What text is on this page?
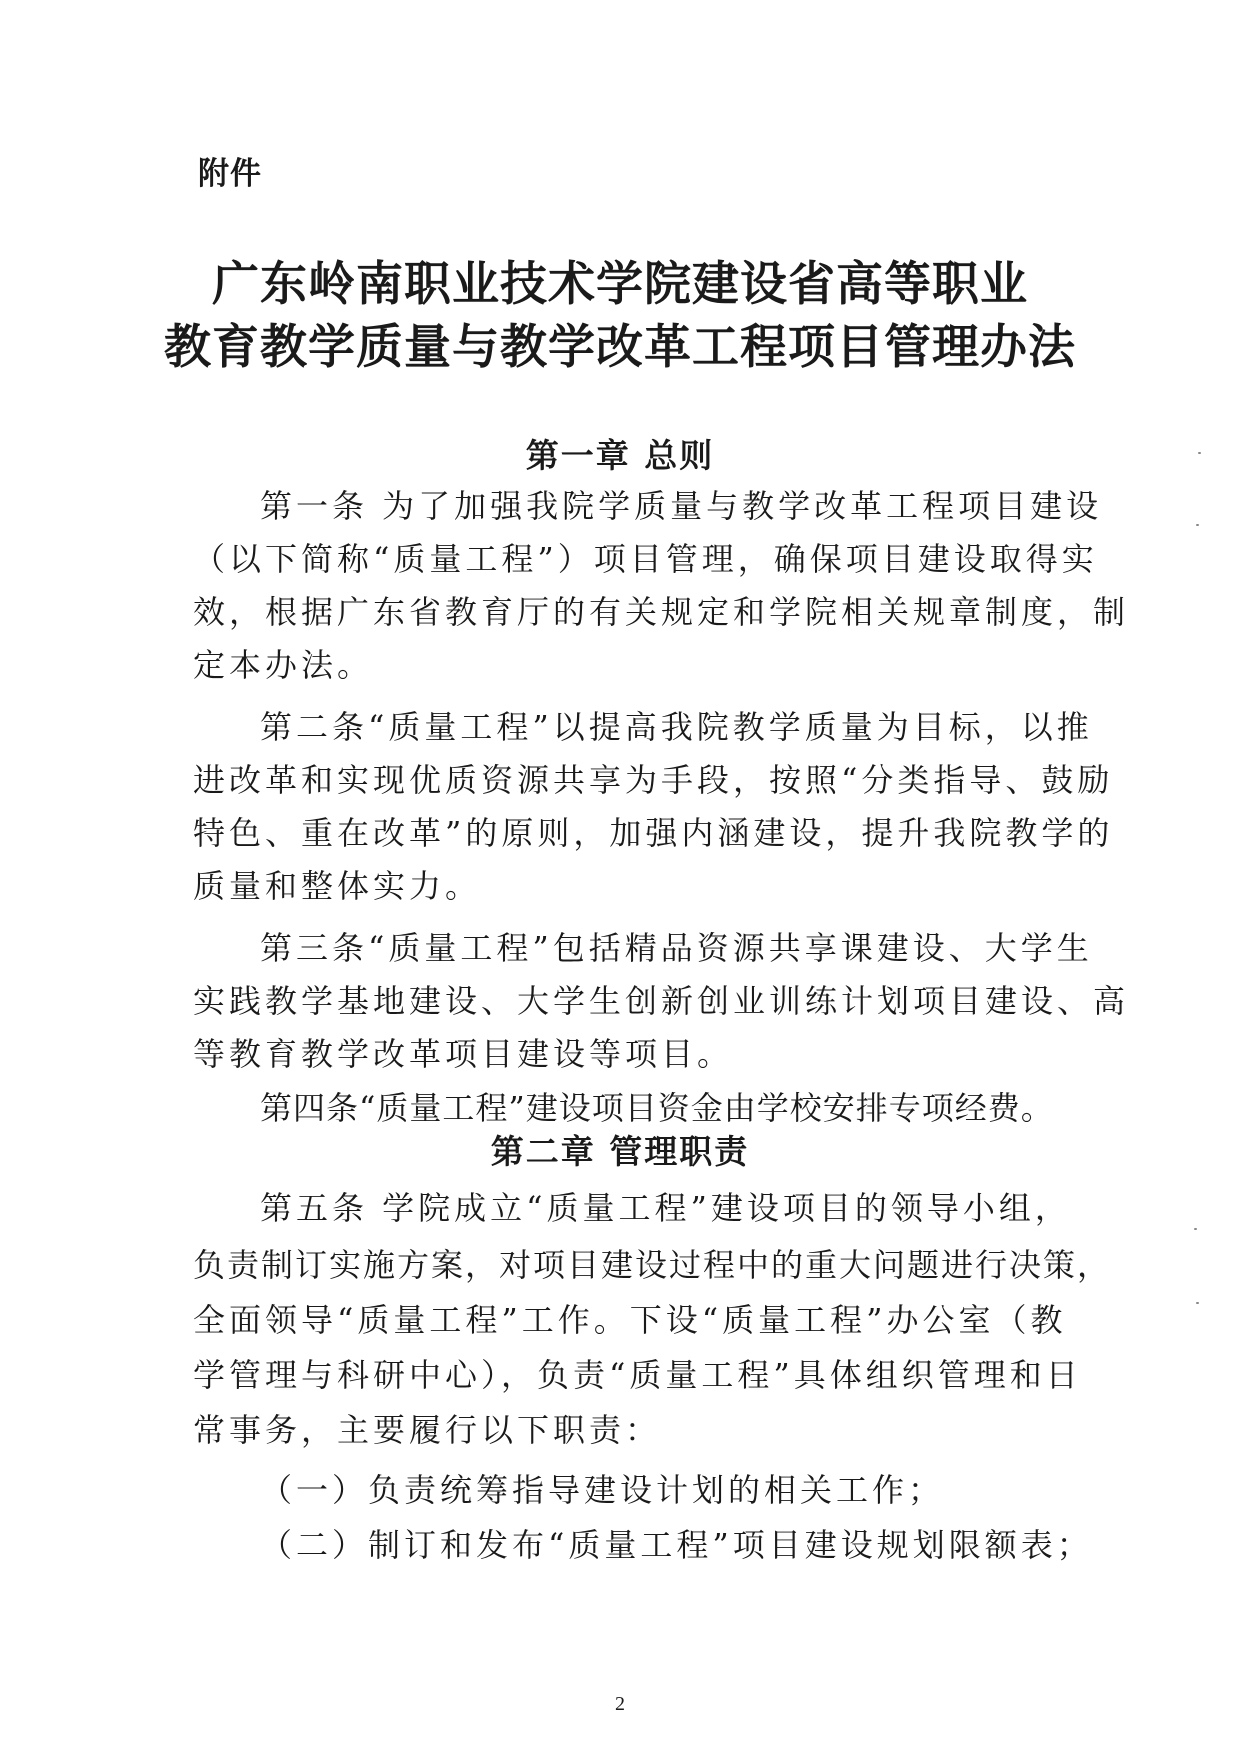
附件
广东岭南职业技术学院建设省高等职业
教育教学质量与教学改革工程项目管理办法
第一章 总则
第一条 为了加强我院学质量与教学改革工程项目建设
（以下简称“质量工程”）项目管理，确保项目建设取得实
效，根据广东省教育厅的有关规定和学院相关规章制度，制
定本办法。
第二条“质量工程”以提高我院教学质量为目标，以推
进改革和实现优质资源共享为手段，按照“分类指导、鼓励
特色、重在改革”的原则，加强内涵建设，提升我院教学的
质量和整体实力。
第三条“质量工程”包括精品资源共享课建设、大学生
实践教学基地建设、大学生创新创业训练计划项目建设、高
等教育教学改革项目建设等项目。
第四条“质量工程”建设项目资金由学校安排专项经费。
第二章 管理职责
第五条 学院成立“质量工程”建设项目的领导小组，
负责制订实施方案，对项目建设过程中的重大问题进行决策，
全面领导“质量工程”工作。下设“质量工程”办公室（教
学管理与科研中心），负责“质量工程”具体组织管理和日
常事务，主要履行以下职责：
（一）负责统筹指导建设计划的相关工作；
（二）制订和发布“质量工程”项目建设规划限额表；
2
